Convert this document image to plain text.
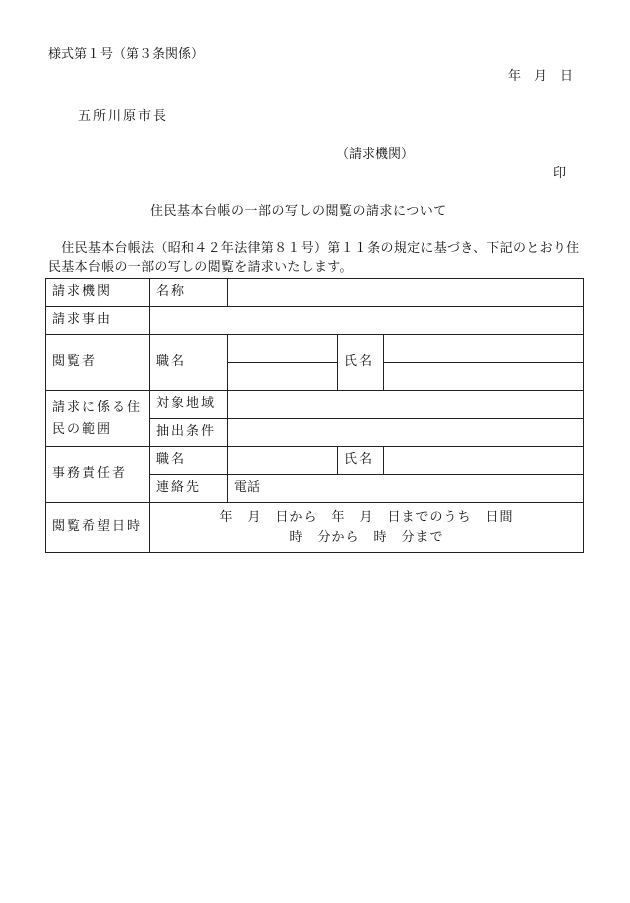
様式第１号（第３条関係）
年　月　日
五所川原市長
（請求機関）
印
住民基本台帳の一部の写しの閲覧の請求について
　住民基本台帳法（昭和４２年法律第８１号）第１１条の規定に基づき、下記のとおり住民基本台帳の一部の写しの閲覧を請求いたします。
請求機関	名称			
請求事由				
閲覧者	職名		氏名	

請求に係る住民の範囲	対象地域			
	抽出条件			
事務責任者	職名		氏名	
	連絡先	電話		
閲覧希望日時	年　月　日から　年　月　日までのうち　日間
時　分から　時　分まで			
